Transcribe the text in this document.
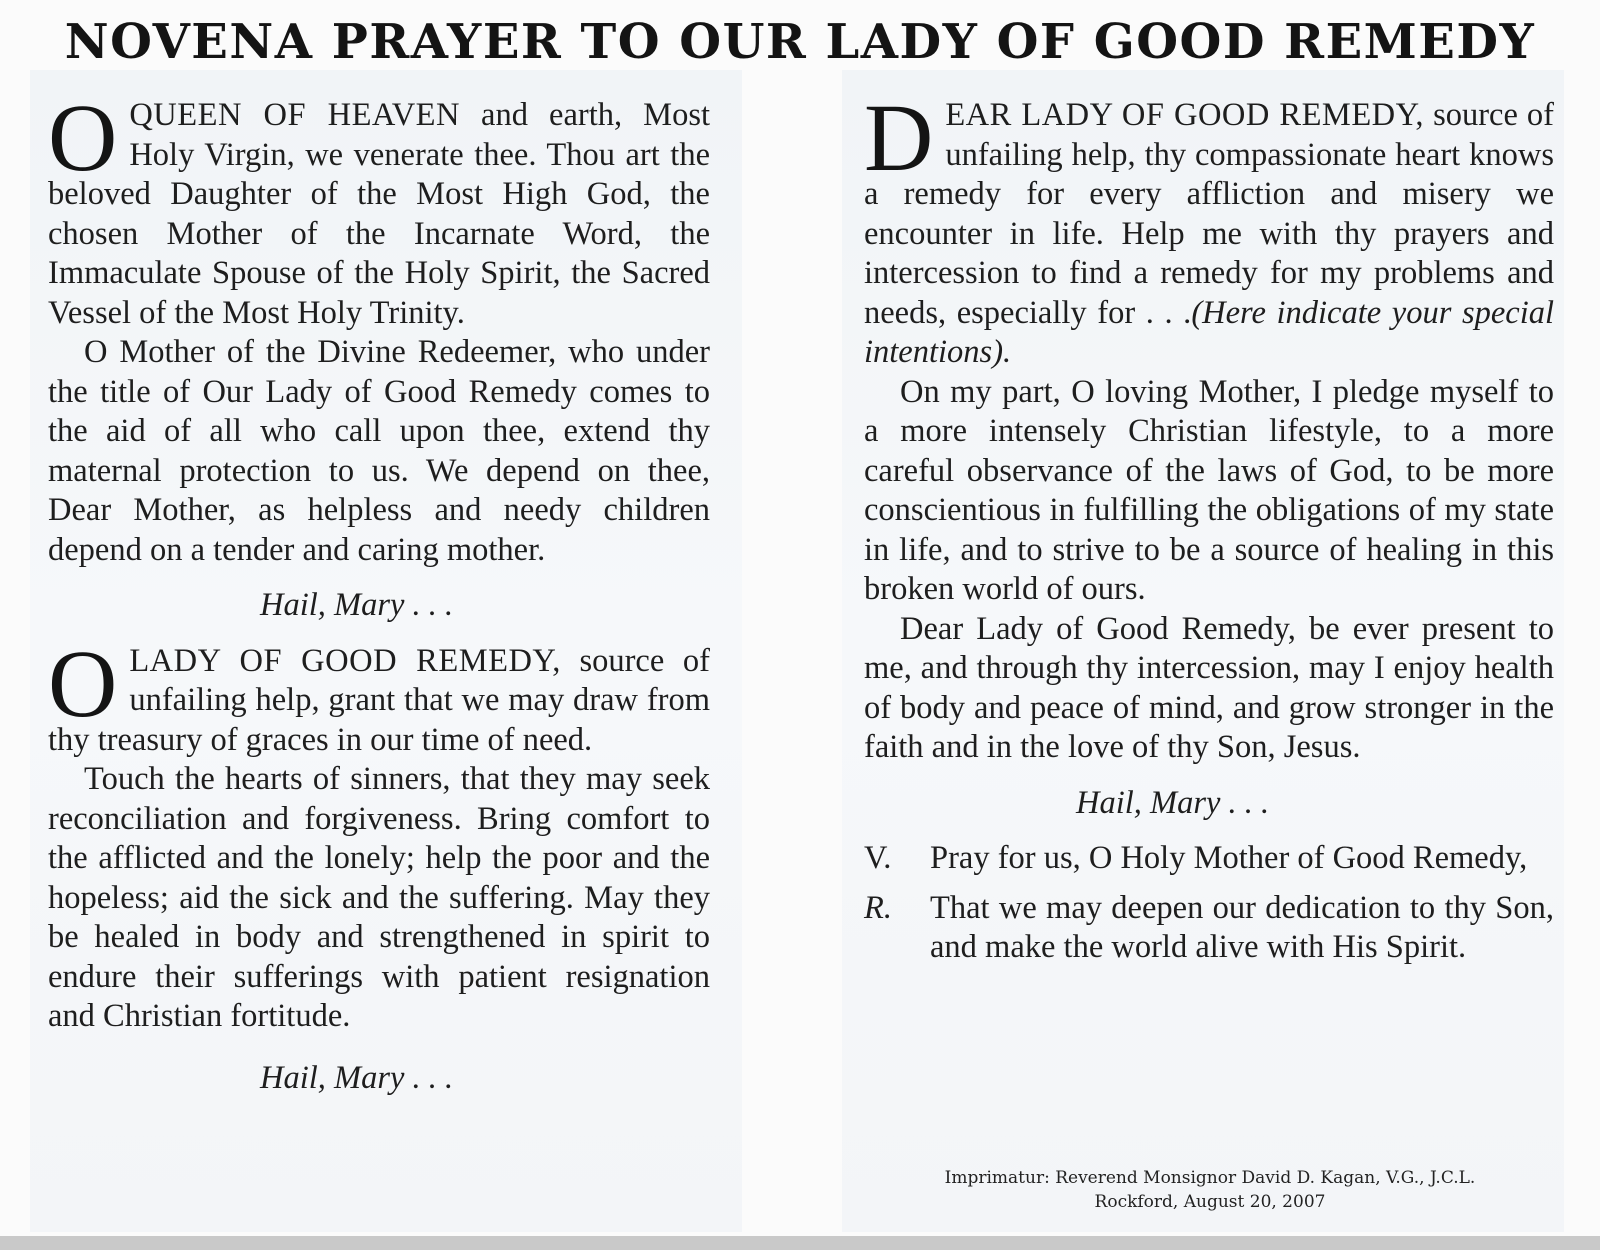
NOVENA PRAYER TO OUR LADY OF GOOD REMEDY

OQUEEN OF HEAVEN and earth, Most Holy Virgin, we venerate thee. Thou art the beloved Daughter of the Most High God, the chosen Mother of the Incarnate Word, the Immaculate Spouse of the Holy Spirit, the Sacred Vessel of the Most Holy Trinity.

O Mother of the Divine Redeemer, who under the title of Our Lady of Good Remedy comes to the aid of all who call upon thee, extend thy maternal protection to us. We depend on thee, Dear Mother, as helpless and needy children depend on a tender and caring mother.

Hail, Mary . . .

OLADY OF GOOD REMEDY, source of unfailing help, grant that we may draw from thy treasury of graces in our time of need.

Touch the hearts of sinners, that they may seek reconciliation and forgiveness. Bring comfort to the afflicted and the lonely; help the poor and the hopeless; aid the sick and the suffering. May they be healed in body and strengthened in spirit to endure their sufferings with patient resignation and Christian fortitude.

Hail, Mary . . .

DEAR LADY OF GOOD REMEDY, source of unfailing help, thy compassionate heart knows a remedy for every affliction and misery we encounter in life. Help me with thy prayers and intercession to find a remedy for my problems and needs, especially for . . .(Here indicate your special intentions).

On my part, O loving Mother, I pledge myself to a more intensely Christian lifestyle, to a more careful observance of the laws of God, to be more conscientious in fulfilling the obligations of my state in life, and to strive to be a source of healing in this broken world of ours.

Dear Lady of Good Remedy, be ever present to me, and through thy intercession, may I enjoy health of body and peace of mind, and grow stronger in the faith and in the love of thy Son, Jesus.

Hail, Mary . . .

V.	Pray for us, O Holy Mother of Good Remedy,
R.	That we may deepen our dedication to thy Son, and make the world alive with His Spirit.
Imprimatur: Reverend Monsignor David D. Kagan, V.G., J.C.L.
Rockford, August 20, 2007
